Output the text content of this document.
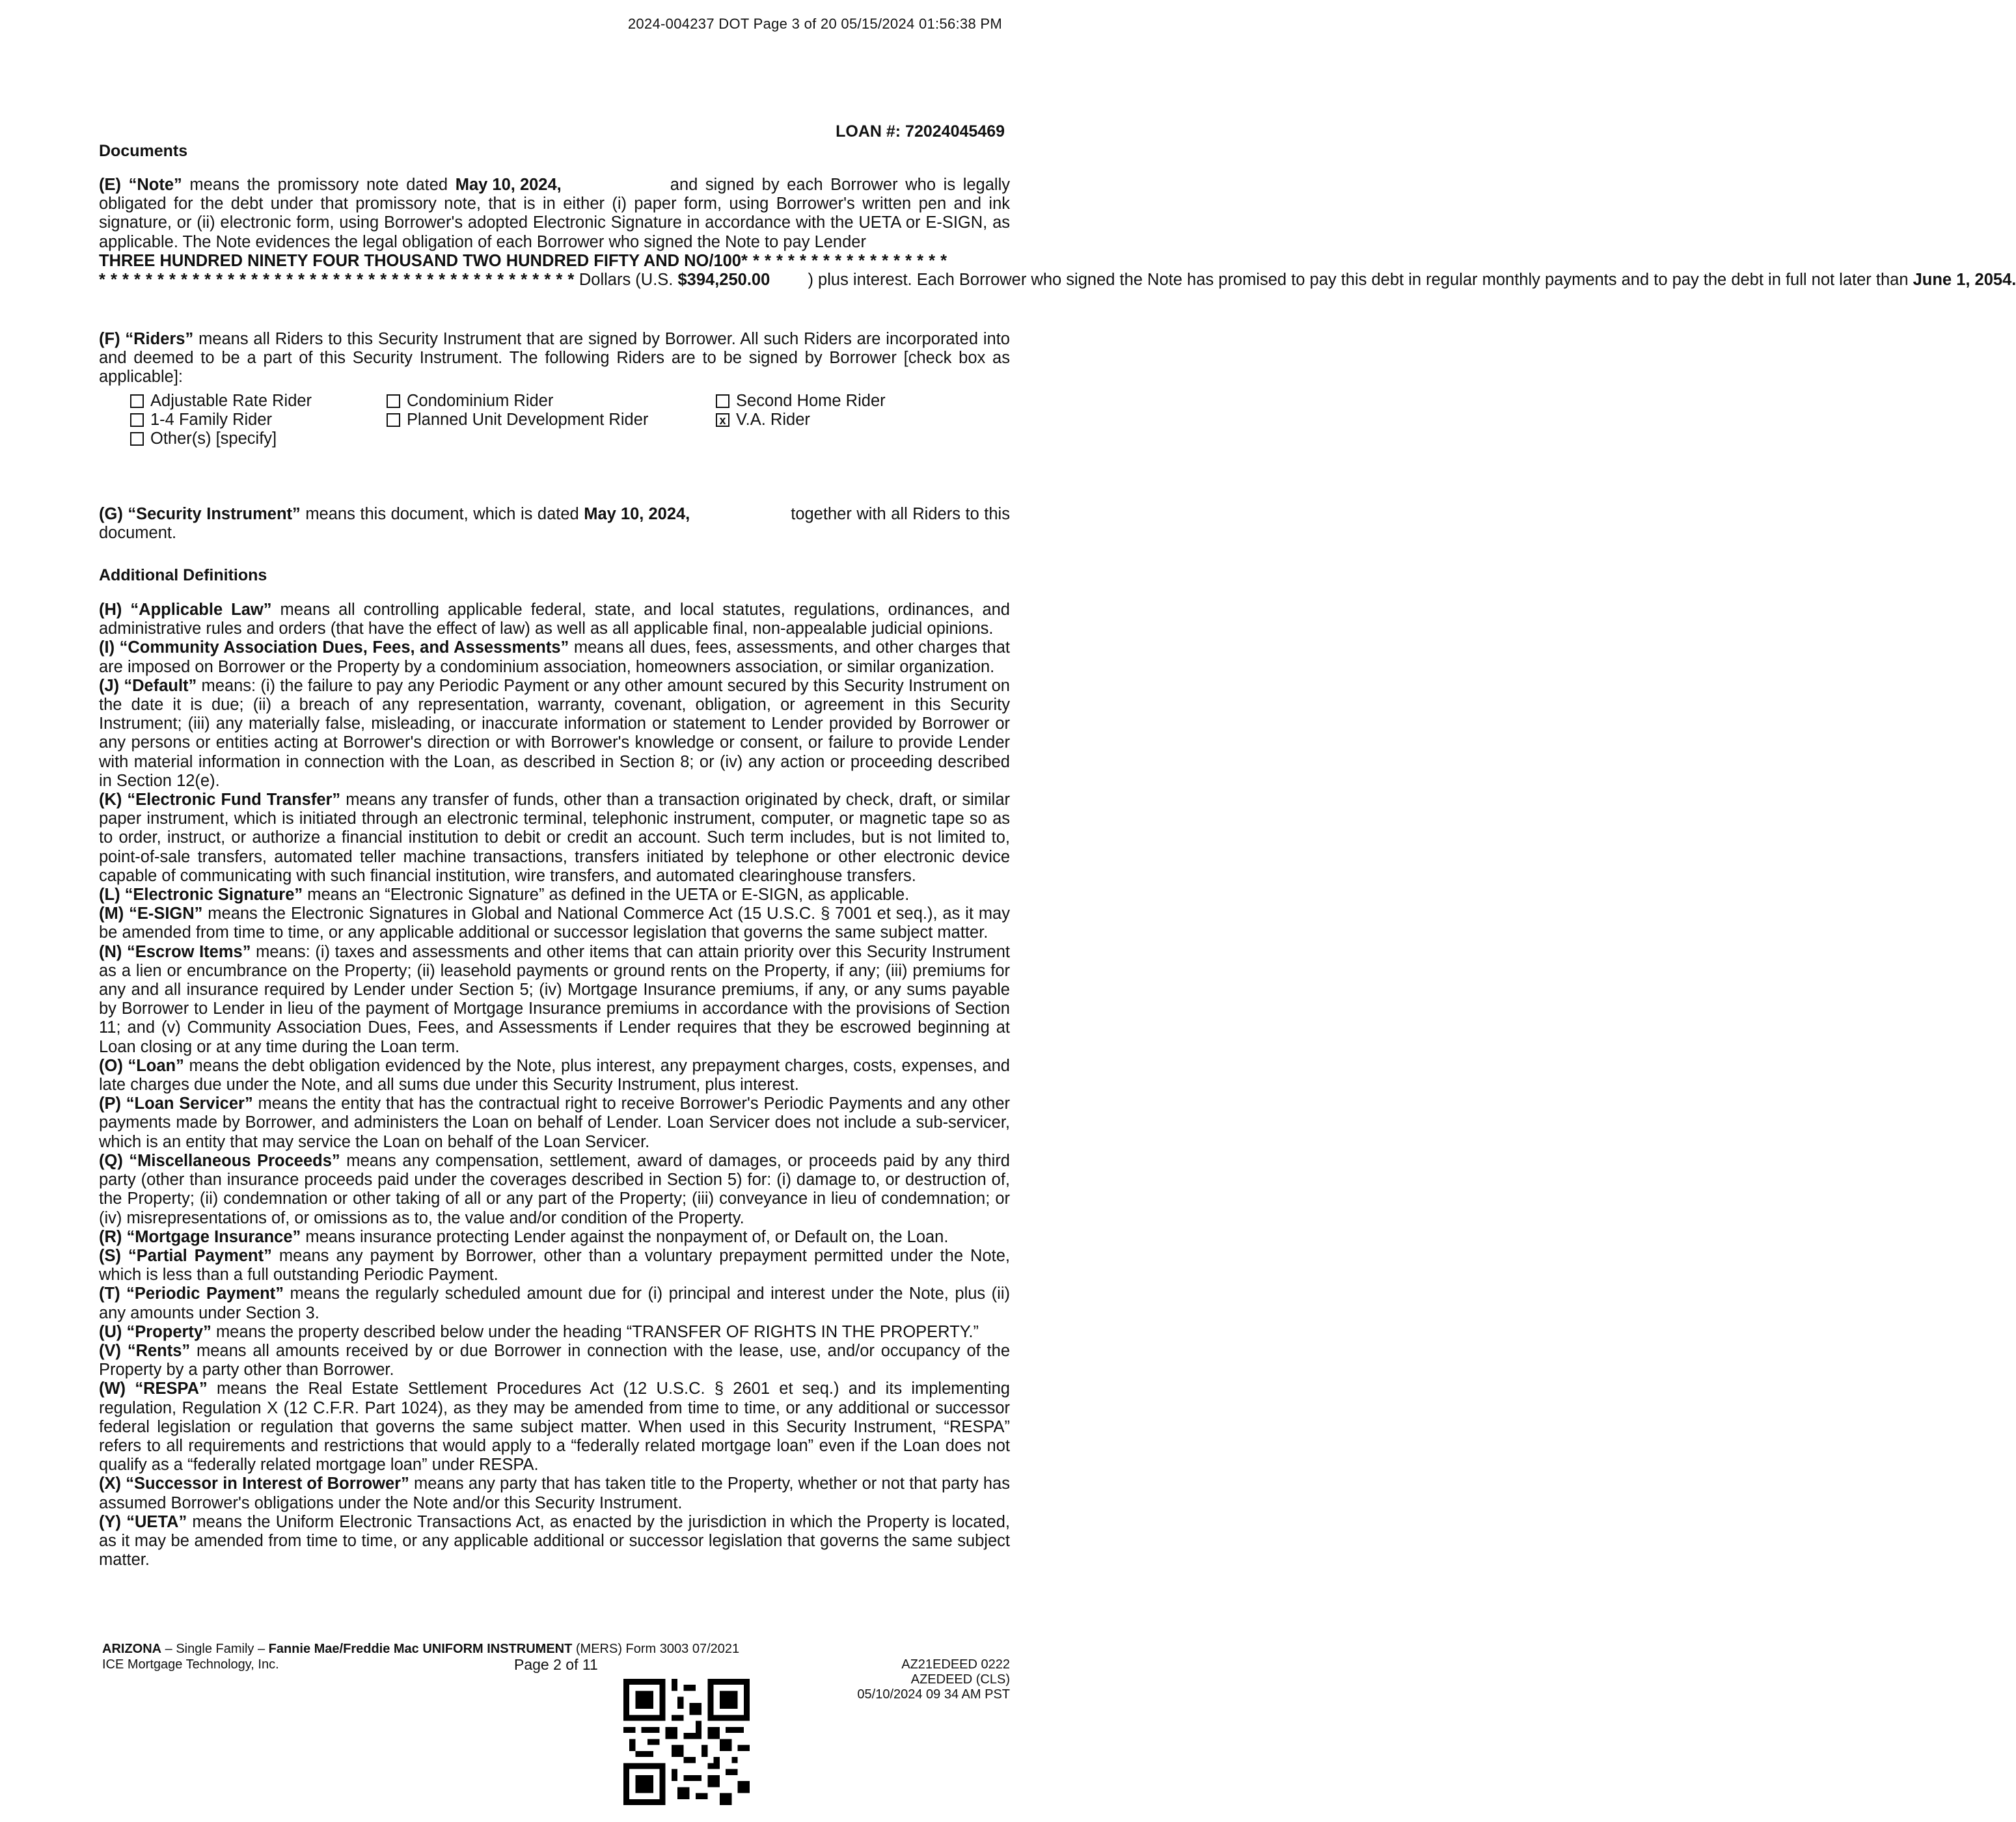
2024-004237 DOT Page 3 of 20 05/15/2024 01:56:38 PM
LOAN #: 72024045469
Documents

(E) “Note” means the promissory note dated May 10, 2024,	and signed by each Borrower who is legally obligated for the debt under that promissory note, that is in either (i) paper form, using Borrower's written pen and ink signature, or (ii) electronic form, using Borrower's adopted Electronic Signature in accordance with the UETA or E-SIGN, as applicable. The Note evidences the legal obligation of each Borrower who signed the Note to pay Lender

THREE HUNDRED NINETY FOUR THOUSAND TWO HUNDRED FIFTY AND NO/100* * * * * * * * * * * * * * * * * *

* * * * * * * * * * * * * * * * * * * * * * * * * * * * * * * * * * * * * * * * * Dollars (U.S. $394,250.00 ) plus interest. Each Borrower who signed the Note has promised to pay this debt in regular monthly payments and to pay the debt in full not later than June 1, 2054.

(F) “Riders” means all Riders to this Security Instrument that are signed by Borrower. All such Riders are incorporated into and deemed to be a part of this Security Instrument. The following Riders are to be signed by Borrower [check box as applicable]:

Adjustable Rate Rider	Condominium Rider	Second Home Rider
1-4 Family Rider	Planned Unit Development Rider	x V.A. Rider
Other(s) [specify]

(G) “Security Instrument” means this document, which is dated May 10, 2024,	together with all Riders to this document.

Additional Definitions

(H) “Applicable Law” means all controlling applicable federal, state, and local statutes, regulations, ordinances, and administrative rules and orders (that have the effect of law) as well as all applicable final, non-appealable judicial opinions.

(I) “Community Association Dues, Fees, and Assessments” means all dues, fees, assessments, and other charges that are imposed on Borrower or the Property by a condominium association, homeowners association, or similar organization.

(J) “Default” means: (i) the failure to pay any Periodic Payment or any other amount secured by this Security Instrument on the date it is due; (ii) a breach of any representation, warranty, covenant, obligation, or agreement in this Security Instrument; (iii) any materially false, misleading, or inaccurate information or statement to Lender provided by Borrower or any persons or entities acting at Borrower's direction or with Borrower's knowledge or consent, or failure to provide Lender with material information in connection with the Loan, as described in Section 8; or (iv) any action or proceeding described in Section 12(e).

(K) “Electronic Fund Transfer” means any transfer of funds, other than a transaction originated by check, draft, or similar paper instrument, which is initiated through an electronic terminal, telephonic instrument, computer, or magnetic tape so as to order, instruct, or authorize a financial institution to debit or credit an account. Such term includes, but is not limited to, point-of-sale transfers, automated teller machine transactions, transfers initiated by telephone or other electronic device capable of communicating with such financial institution, wire transfers, and automated clearinghouse transfers.

(L) “Electronic Signature” means an “Electronic Signature” as defined in the UETA or E-SIGN, as applicable.

(M) “E-SIGN” means the Electronic Signatures in Global and National Commerce Act (15 U.S.C. § 7001 et seq.), as it may be amended from time to time, or any applicable additional or successor legislation that governs the same subject matter.

(N) “Escrow Items” means: (i) taxes and assessments and other items that can attain priority over this Security Instrument as a lien or encumbrance on the Property; (ii) leasehold payments or ground rents on the Property, if any; (iii) premiums for any and all insurance required by Lender under Section 5; (iv) Mortgage Insurance premiums, if any, or any sums payable by Borrower to Lender in lieu of the payment of Mortgage Insurance premiums in accordance with the provisions of Section 11; and (v) Community Association Dues, Fees, and Assessments if Lender requires that they be escrowed beginning at Loan closing or at any time during the Loan term.

(O) “Loan” means the debt obligation evidenced by the Note, plus interest, any prepayment charges, costs, expenses, and late charges due under the Note, and all sums due under this Security Instrument, plus interest.

(P) “Loan Servicer” means the entity that has the contractual right to receive Borrower's Periodic Payments and any other payments made by Borrower, and administers the Loan on behalf of Lender. Loan Servicer does not include a sub-servicer, which is an entity that may service the Loan on behalf of the Loan Servicer.

(Q) “Miscellaneous Proceeds” means any compensation, settlement, award of damages, or proceeds paid by any third party (other than insurance proceeds paid under the coverages described in Section 5) for: (i) damage to, or destruction of, the Property; (ii) condemnation or other taking of all or any part of the Property; (iii) conveyance in lieu of condemnation; or (iv) misrepresentations of, or omissions as to, the value and/or condition of the Property.

(R) “Mortgage Insurance” means insurance protecting Lender against the nonpayment of, or Default on, the Loan.

(S) “Partial Payment” means any payment by Borrower, other than a voluntary prepayment permitted under the Note, which is less than a full outstanding Periodic Payment.

(T) “Periodic Payment” means the regularly scheduled amount due for (i) principal and interest under the Note, plus (ii) any amounts under Section 3.

(U) “Property” means the property described below under the heading “TRANSFER OF RIGHTS IN THE PROPERTY.”

(V) “Rents” means all amounts received by or due Borrower in connection with the lease, use, and/or occupancy of the Property by a party other than Borrower.

(W) “RESPA” means the Real Estate Settlement Procedures Act (12 U.S.C. § 2601 et seq.) and its implementing regulation, Regulation X (12 C.F.R. Part 1024), as they may be amended from time to time, or any additional or successor federal legislation or regulation that governs the same subject matter. When used in this Security Instrument, “RESPA” refers to all requirements and restrictions that would apply to a “federally related mortgage loan” even if the Loan does not qualify as a “federally related mortgage loan” under RESPA.

(X) “Successor in Interest of Borrower” means any party that has taken title to the Property, whether or not that party has assumed Borrower's obligations under the Note and/or this Security Instrument.

(Y) “UETA” means the Uniform Electronic Transactions Act, as enacted by the jurisdiction in which the Property is located, as it may be amended from time to time, or any applicable additional or successor legislation that governs the same subject matter.

ARIZONA – Single Family – Fannie Mae/Freddie Mac UNIFORM INSTRUMENT (MERS) Form 3003 07/2021
ICE Mortgage Technology, Inc.	Page 2 of 11	AZ21EDEED 0222
AZEDEED (CLS)
05/10/2024 09 34 AM PST
